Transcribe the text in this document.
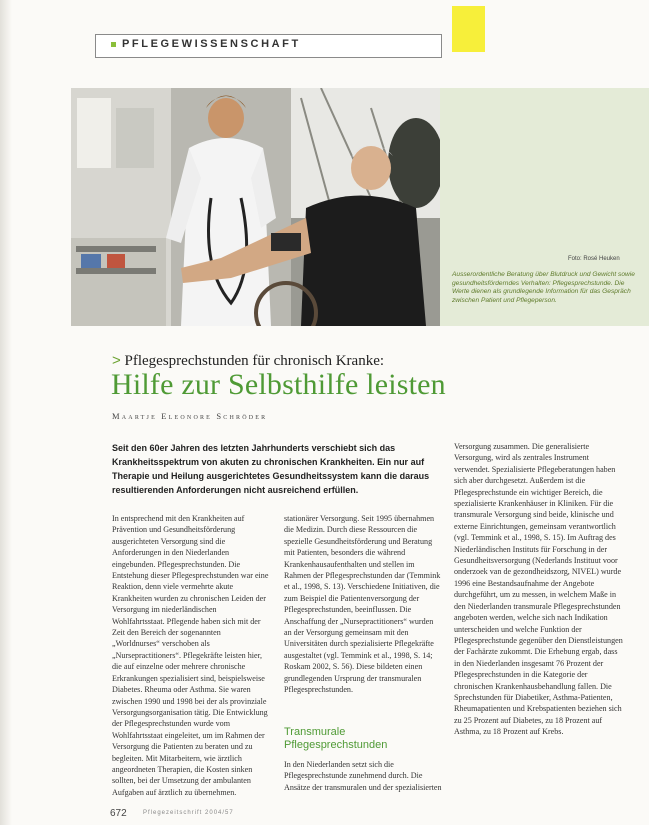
PFLEGEWISSENSCHAFT
Foto: Rosé Heuken
Ausserordentliche Beratung über Blutdruck und Gewicht sowie gesundheitsförderndes Verhalten: Pflegesprechstunde. Die Werte dienen als grundlegende Information für das Gespräch zwischen Patient und Pflegeperson.
> Pflegesprechstunden für chronisch Kranke:
Hilfe zur Selbsthilfe leisten
Maartje Eleonore Schröder
Seit den 60er Jahren des letzten Jahrhunderts verschiebt sich das Krankheitsspektrum von akuten zu chronischen Krankheiten. Ein nur auf Therapie und Heilung ausgerichtetes Gesundheitssystem kann die daraus resultierenden Anforderungen nicht ausreichend erfüllen.
In entsprechend mit den Krankheiten auf Prävention und Gesundheitsförderung ausgerichteten Versorgung sind die Anforderungen in den Niederlanden eingebunden. Pflegesprechstunden. Die Entstehung dieser Pflegesprechstunden war eine Reaktion, denn viele vermehrte akute Krankheiten wurden zu chronischen Leiden der Versorgung im niederländischen Wohlfahrtsstaat. Pflegende haben sich mit der Zeit den Bereich der sogenannten „Worldnurses“ verschoben als „Nursepractitioners“. Pflegekräfte leisten hier, die auf einzelne oder mehrere chronische Erkrankungen spezialisiert sind, beispielsweise Diabetes. Rheuma oder Asthma. Sie waren zwischen 1990 und 1998 bei der als provinziale Versorgungsorganisation tätig. Die Entwicklung der Pflegesprechstunden wurde vom Wohlfahrtsstaat eingeleitet, um im Rahmen der Versorgung die Patienten zu beraten und zu begleiten. Mit Mitarbeitern, wie ärztlich angeordneten Therapien, die Kosten sinken sollten, bei der Umsetzung der ambulanten Aufgaben auf ärztlich zu übernehmen.
stationärer Versorgung. Seit 1995 übernahmen die Medizin. Durch diese Ressourcen die spezielle Gesundheitsförderung und Beratung mit Patienten, besonders die während Krankenhausaufenthalten und stellen im Rahmen der Pflegesprechstunden dar (Temmink et al., 1998, S. 13). Verschiedene Initiativen, die zum Beispiel die Patientenversorgung der Pflegesprechstunden, beeinflussen. Die Anschaffung der „Nursepractitioners“ wurden an der Versorgung gemeinsam mit den Universitäten durch spezialisierte Pflegekräfte ausgestaltet (vgl. Temmink et al., 1998, S. 14; Roskam 2002, S. 56). Diese bildeten einen grundlegenden Ursprung der transmuralen Pflegesprechstunden.
Transmurale Pflegesprechstunden
In den Niederlanden setzt sich die Pflegesprechstunde zunehmend durch. Die Ansätze der transmuralen und der spezialisierten
Versorgung zusammen. Die generalisierte Versorgung, wird als zentrales Instrument verwendet. Spezialisierte Pflegeberatungen haben sich aber durchgesetzt. Außerdem ist die Pflegesprechstunde ein wichtiger Bereich, die spezialisierte Krankenhäuser in Kliniken. Für die transmurale Versorgung sind beide, klinische und externe Einrichtungen, gemeinsam verantwortlich (vgl. Temmink et al., 1998, S. 15). Im Auftrag des Niederländischen Instituts für Forschung in der Gesundheitsversorgung (Nederlands Instituut voor onderzoek van de gezondheidszorg, NIVEL) wurde 1996 eine Bestandsaufnahme der Angebote durchgeführt, um zu messen, in welchem Maße in den Niederlanden transmurale Pflegesprechstunden angeboten werden, welche sich nach Indikation unterscheiden und welche Funktion der Pflegesprechstunde gegenüber den Dienstleistungen der Fachärzte zukommt. Die Erhebung ergab, dass in den Niederlanden insgesamt 76 Prozent der Pflegesprechstunden in die Kategorie der chronischen Krankenhausbehandlung fallen. Die Sprechstunden für Diabetiker, Asthma-Patienten, Rheumapatienten und Krebspatienten beziehen sich zu 25 Prozent auf Diabetes, zu 18 Prozent auf Asthma, zu 18 Prozent auf Krebs.
672	Pflegezeitschrift 2004/57
